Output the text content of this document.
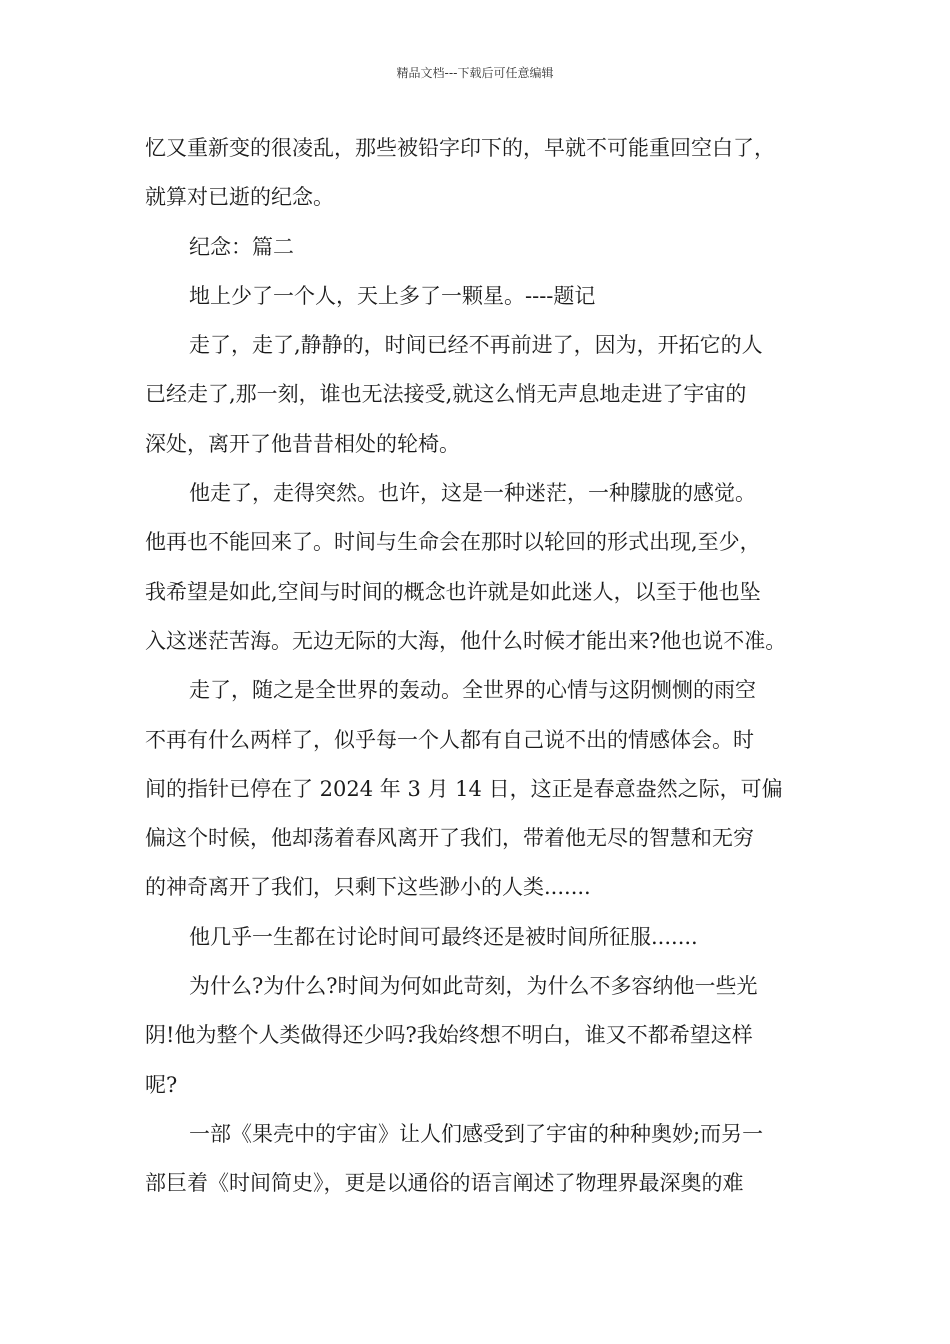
精品文档---下载后可任意编辑
忆又重新变的很凌乱，那些被铅字印下的，早就不可能重回空白了，
就算对已逝的纪念。
纪念：篇二
地上少了一个人，天上多了一颗星。----题记
走了，走了,静静的，时间已经不再前进了，因为，开拓它的人
已经走了,那一刻，谁也无法接受,就这么悄无声息地走进了宇宙的
深处，离开了他昔昔相处的轮椅。
他走了，走得突然。也许，这是一种迷茫，一种朦胧的感觉。
他再也不能回来了。时间与生命会在那时以轮回的形式出现,至少，
我希望是如此,空间与时间的概念也许就是如此迷人，以至于他也坠
入这迷茫苦海。无边无际的大海，他什么时候才能出来?他也说不准。
走了，随之是全世界的轰动。全世界的心情与这阴恻恻的雨空
不再有什么两样了，似乎每一个人都有自己说不出的情感体会。时
间的指针已停在了 2024 年 3 月 14 日，这正是春意盎然之际，可偏
偏这个时候，他却荡着春风离开了我们，带着他无尽的智慧和无穷
的神奇离开了我们，只剩下这些渺小的人类.......
他几乎一生都在讨论时间可最终还是被时间所征服.......
为什么?为什么?时间为何如此苛刻，为什么不多容纳他一些光
阴!他为整个人类做得还少吗?我始终想不明白，谁又不都希望这样
呢?
一部《果壳中的宇宙》让人们感受到了宇宙的种种奥妙;而另一
部巨着《时间简史》，更是以通俗的语言阐述了物理界最深奥的难
